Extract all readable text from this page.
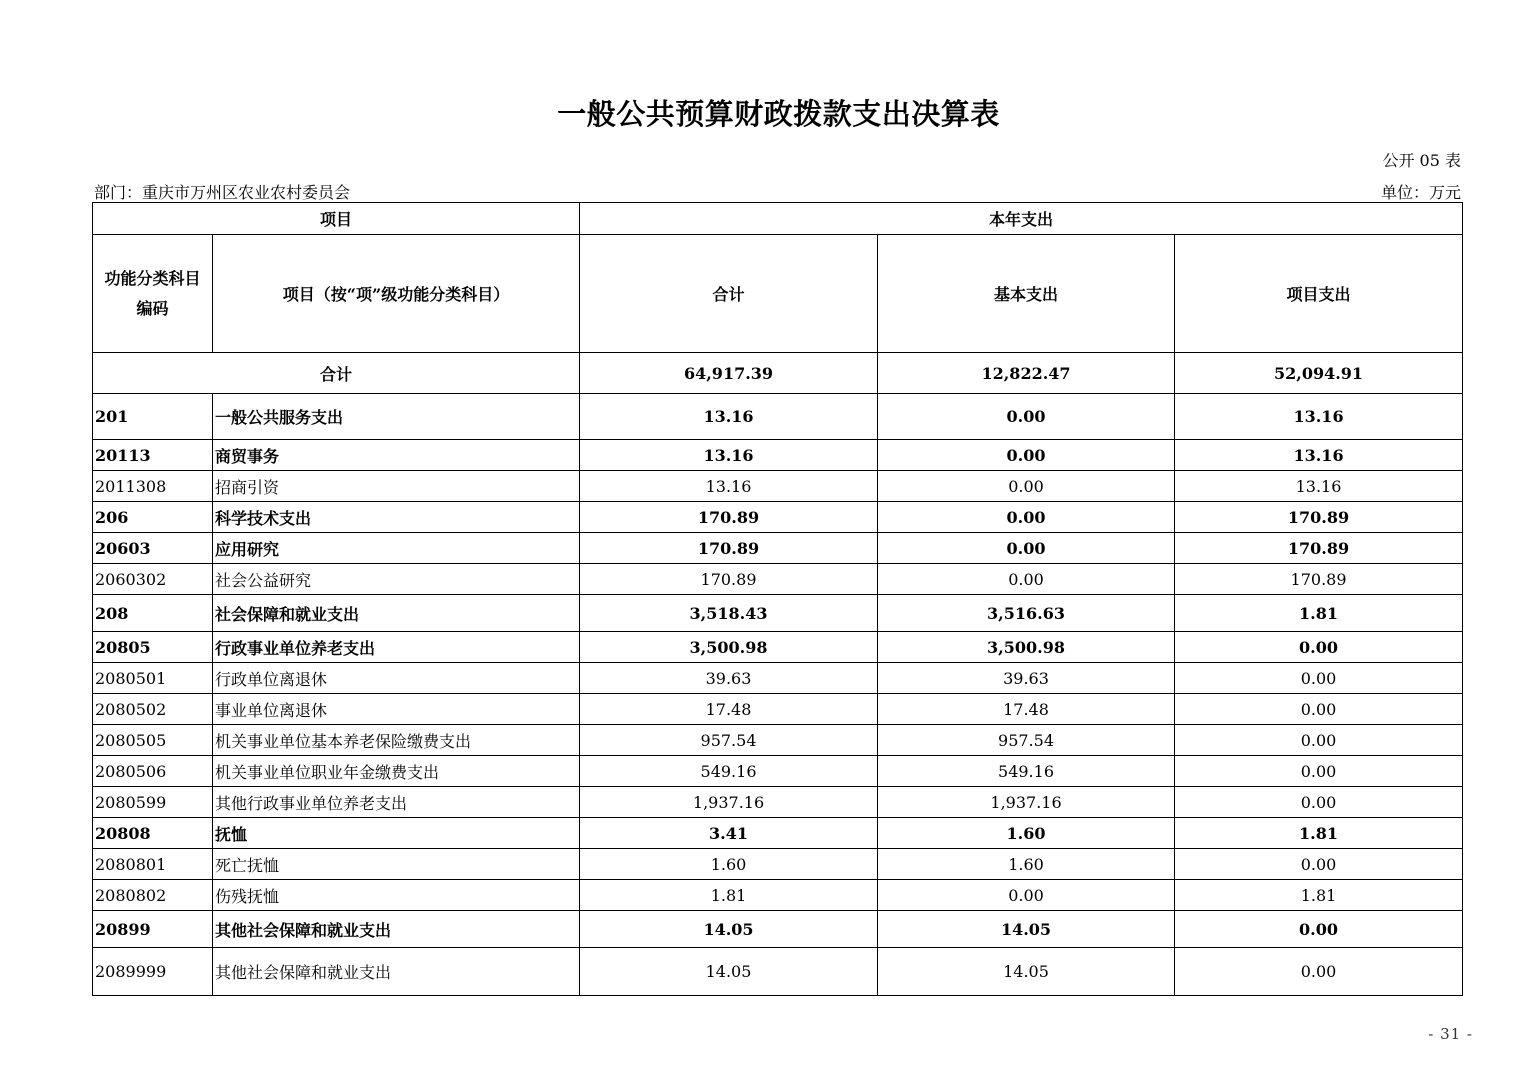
一般公共预算财政拨款支出决算表
公开 05 表
部门：重庆市万州区农业农村委员会	单位：万元
项目		本年支出		

功能分类科目
编码	项目（按“项”级功能分类科目）	合计	基本支出	项目支出
合计		64,917.39	12,822.47	52,094.91
201	一般公共服务支出	13.16	0.00	13.16
20113	商贸事务	13.16	0.00	13.16
2011308	招商引资	13.16	0.00	13.16
206	科学技术支出	170.89	0.00	170.89
20603	应用研究	170.89	0.00	170.89
2060302	社会公益研究	170.89	0.00	170.89
208	社会保障和就业支出	3,518.43	3,516.63	1.81
20805	行政事业单位养老支出	3,500.98	3,500.98	0.00
2080501	行政单位离退休	39.63	39.63	0.00
2080502	事业单位离退休	17.48	17.48	0.00
2080505	机关事业单位基本养老保险缴费支出	957.54	957.54	0.00
2080506	机关事业单位职业年金缴费支出	549.16	549.16	0.00
2080599	其他行政事业单位养老支出	1,937.16	1,937.16	0.00
20808	抚恤	3.41	1.60	1.81
2080801	死亡抚恤	1.60	1.60	0.00
2080802	伤残抚恤	1.81	0.00	1.81
20899	其他社会保障和就业支出	14.05	14.05	0.00
2089999	其他社会保障和就业支出	14.05	14.05	0.00
- 31 -
